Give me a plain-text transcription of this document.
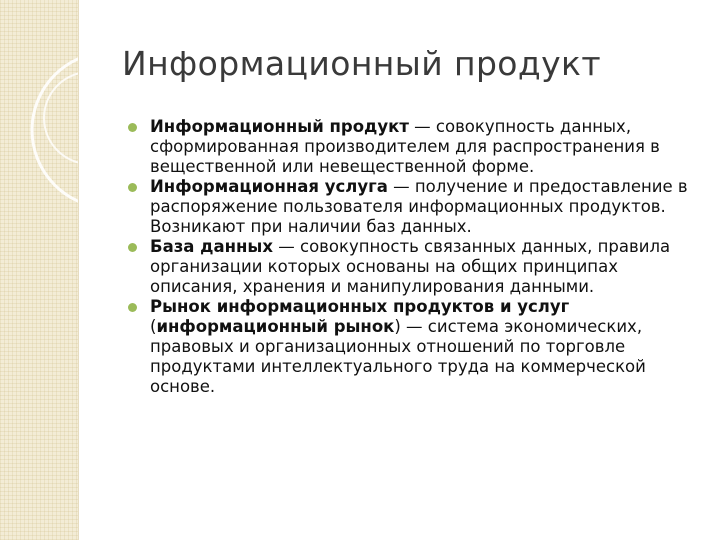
Информационный продукт
Информационный продукт — совокупность данных, сформированная производителем для распространения в вещественной или невещественной форме.
Информационная услуга — получение и предоставление в распоряжение пользователя информационных продуктов. Возникают при наличии баз данных.
База данных — совокупность связанных данных, правила организации которых основаны на общих принципах описания, хранения и манипулирования данными.
Рынок информационных продуктов и услуг (информационный рынок) — система экономических, правовых и организационных отношений по торговле продуктами интеллектуального труда на коммерческой основе.
